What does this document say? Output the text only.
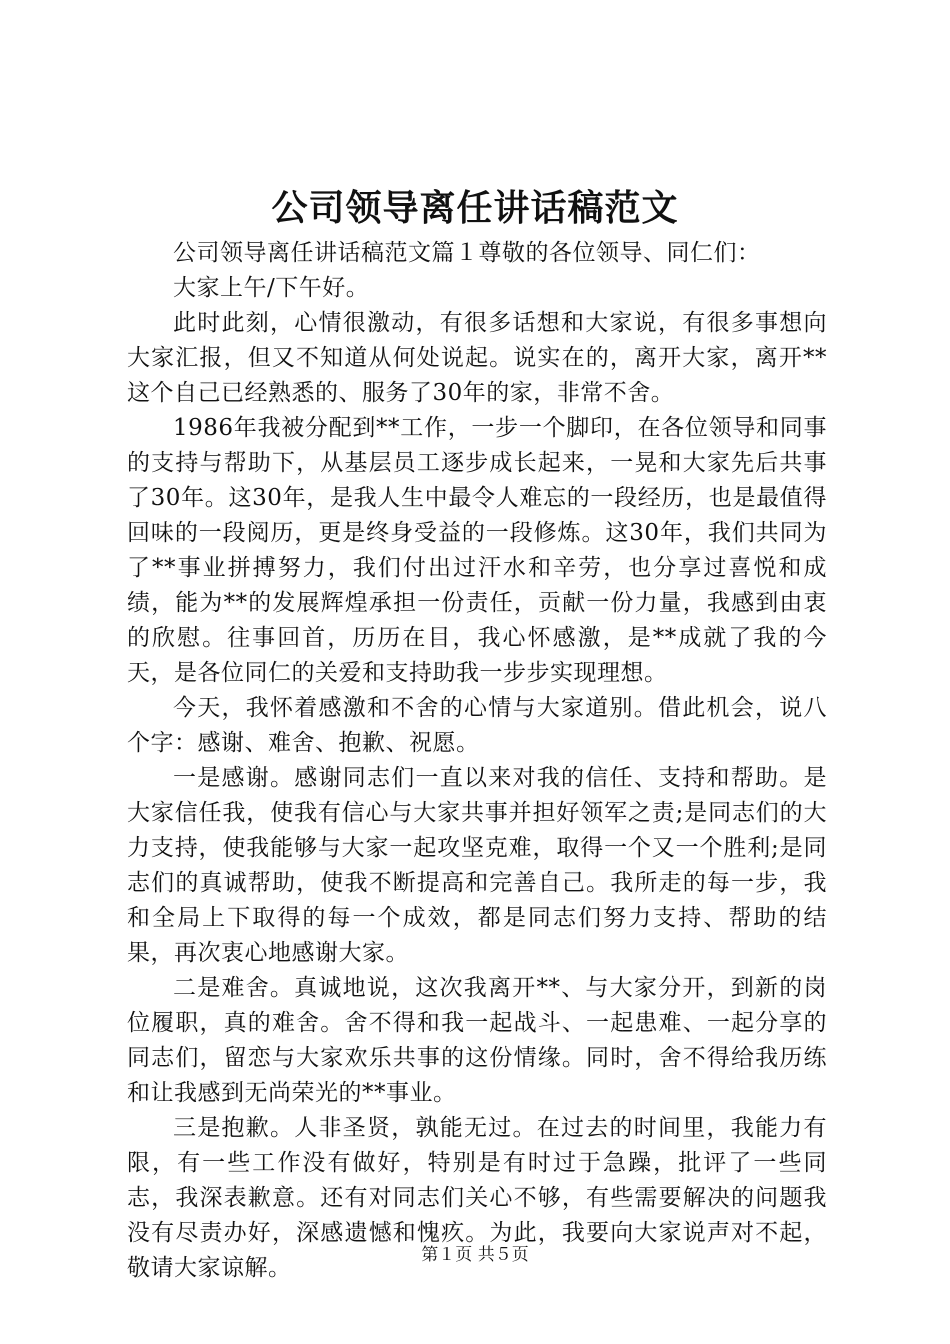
公司领导离任讲话稿范文

公司领导离任讲话稿范文篇１尊敬的各位领导、同仁们：

大家上午/下午好。

此时此刻，心情很激动，有很多话想和大家说，有很多事想向大家汇报，但又不知道从何处说起。说实在的，离开大家，离开**这个自己已经熟悉的、服务了30年的家，非常不舍。

1986年我被分配到**工作，一步一个脚印，在各位领导和同事的支持与帮助下，从基层员工逐步成长起来，一晃和大家先后共事了30年。这30年，是我人生中最令人难忘的一段经历，也是最值得回味的一段阅历，更是终身受益的一段修炼。这30年，我们共同为了**事业拼搏努力，我们付出过汗水和辛劳，也分享过喜悦和成绩，能为**的发展辉煌承担一份责任，贡献一份力量，我感到由衷的欣慰。往事回首，历历在目，我心怀感激，是**成就了我的今天，是各位同仁的关爱和支持助我一步步实现理想。

今天，我怀着感激和不舍的心情与大家道别。借此机会，说八个字：感谢、难舍、抱歉、祝愿。

一是感谢。感谢同志们一直以来对我的信任、支持和帮助。是大家信任我，使我有信心与大家共事并担好领军之责;是同志们的大力支持，使我能够与大家一起攻坚克难，取得一个又一个胜利;是同志们的真诚帮助，使我不断提高和完善自己。我所走的每一步，我和全局上下取得的每一个成效，都是同志们努力支持、帮助的结果，再次衷心地感谢大家。

二是难舍。真诚地说，这次我离开**、与大家分开，到新的岗位履职，真的难舍。舍不得和我一起战斗、一起患难、一起分享的同志们，留恋与大家欢乐共事的这份情缘。同时，舍不得给我历练和让我感到无尚荣光的**事业。

三是抱歉。人非圣贤，孰能无过。在过去的时间里，我能力有限，有一些工作没有做好，特别是有时过于急躁，批评了一些同志，我深表歉意。还有对同志们关心不够，有些需要解决的问题我没有尽责办好，深感遗憾和愧疚。为此，我要向大家说声对不起，敬请大家谅解。	第１页 共５页
